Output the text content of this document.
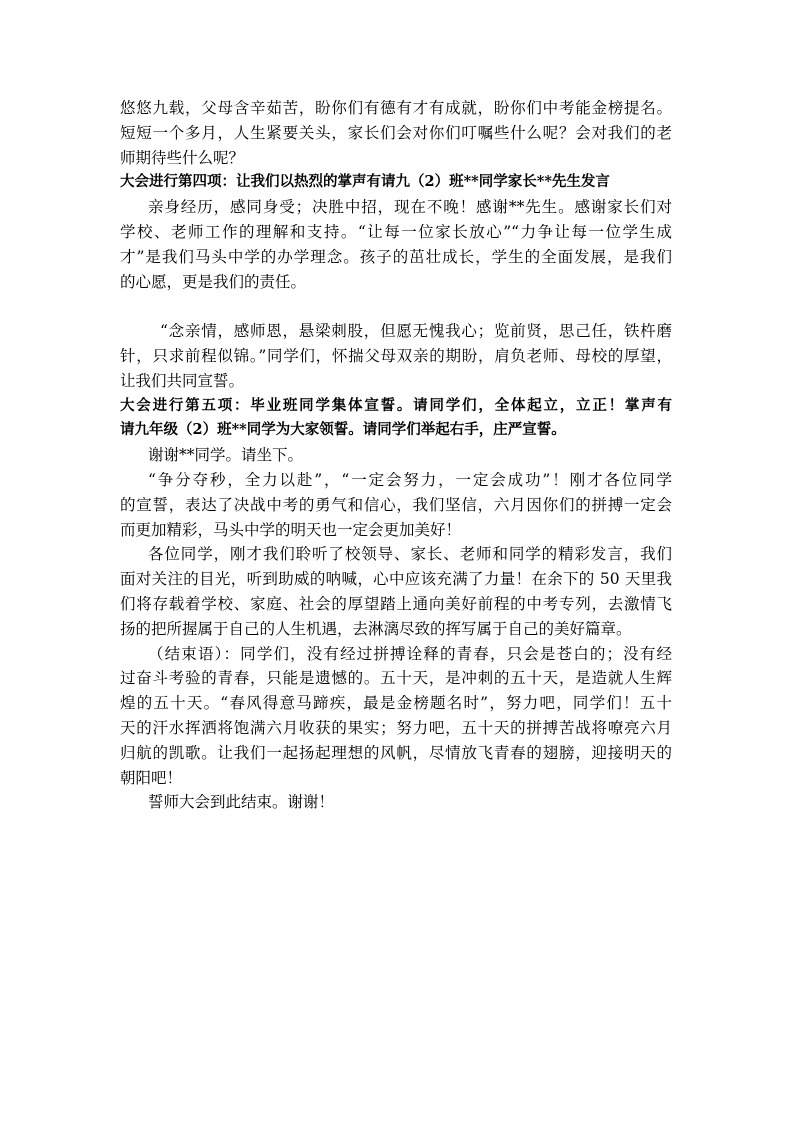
悠悠九载，父母含辛茹苦，盼你们有德有才有成就，盼你们中考能金榜提名。
短短一个多月，人生紧要关头，家长们会对你们叮嘱些什么呢？会对我们的老
师期待些什么呢？
大会进行第四项：让我们以热烈的掌声有请九（2）班**同学家长**先生发言
亲身经历，感同身受；决胜中招，现在不晚！感谢**先生。感谢家长们对
学校、老师工作的理解和支持。“让每一位家长放心”“力争让每一位学生成
才”是我们马头中学的办学理念。孩子的茁壮成长，学生的全面发展，是我们
的心愿，更是我们的责任。
“念亲情，感师恩，悬梁刺股，但愿无愧我心；览前贤，思己任，铁杵磨
针，只求前程似锦。”同学们，怀揣父母双亲的期盼，肩负老师、母校的厚望，
让我们共同宣誓。
大会进行第五项：毕业班同学集体宣誓。请同学们，全体起立，立正！掌声有
请九年级（2）班**同学为大家领誓。请同学们举起右手，庄严宣誓。
谢谢**同学。请坐下。
“争分夺秒，全力以赴”，“一定会努力，一定会成功”！刚才各位同学
的宣誓，表达了决战中考的勇气和信心，我们坚信，六月因你们的拼搏一定会
而更加精彩，马头中学的明天也一定会更加美好！
各位同学，刚才我们聆听了校领导、家长、老师和同学的精彩发言，我们
面对关注的目光，听到助威的呐喊，心中应该充满了力量！在余下的 50 天里我
们将存载着学校、家庭、社会的厚望踏上通向美好前程的中考专列，去激情飞
扬的把所握属于自己的人生机遇，去淋漓尽致的挥写属于自己的美好篇章。
（结束语）：同学们，没有经过拼搏诠释的青春，只会是苍白的；没有经
过奋斗考验的青春，只能是遗憾的。五十天，是冲刺的五十天，是造就人生辉
煌的五十天。“春风得意马蹄疾，最是金榜题名时”，努力吧，同学们！五十
天的汗水挥洒将饱满六月收获的果实；努力吧，五十天的拼搏苦战将嘹亮六月
归航的凯歌。让我们一起扬起理想的风帆，尽情放飞青春的翅膀，迎接明天的
朝阳吧！
誓师大会到此结束。谢谢！
